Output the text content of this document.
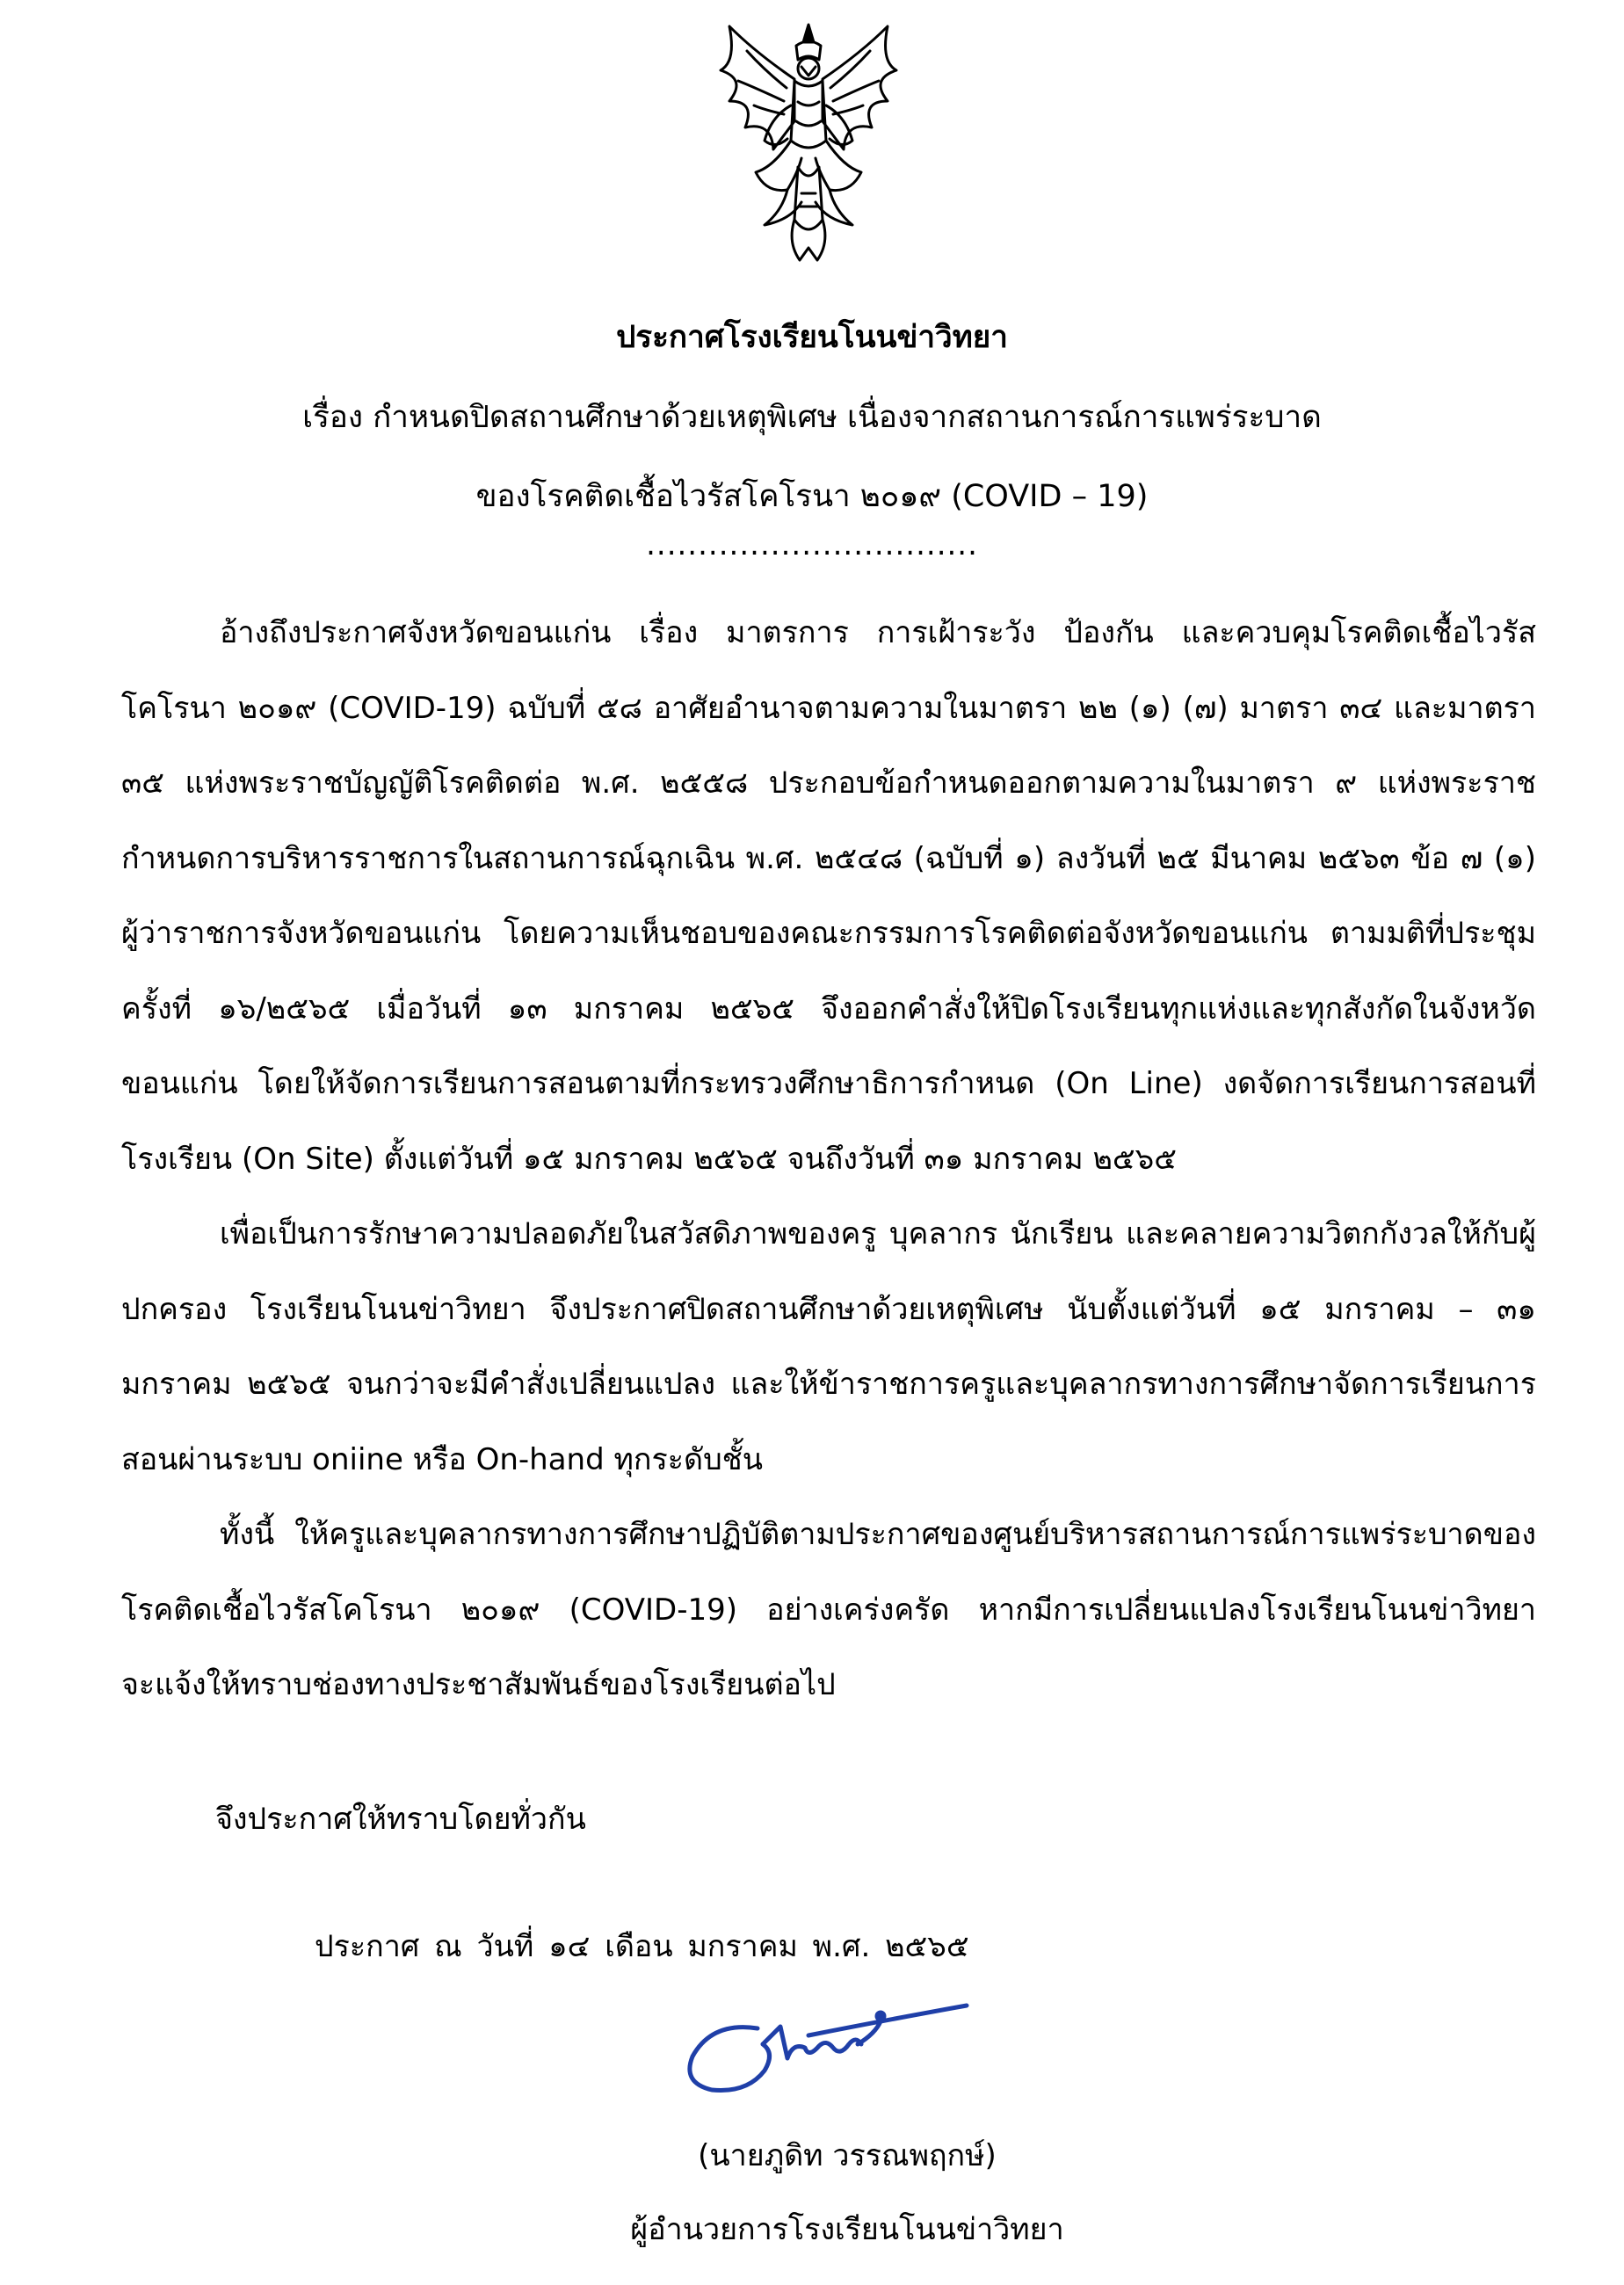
ประกาศโรงเรียนโนนข่าวิทยา
เรื่อง กำหนดปิดสถานศึกษาด้วยเหตุพิเศษ เนื่องจากสถานการณ์การแพร่ระบาด
ของโรคติดเชื้อไวรัสโคโรนา ๒๐๑๙ (COVID – 19)
................................

อ้างถึงประกาศจังหวัดขอนแก่น เรื่อง มาตรการ การเฝ้าระวัง ป้องกัน และควบคุมโรคติดเชื้อไวรัสโคโรนา ๒๐๑๙ (COVID-19) ฉบับที่ ๕๘ อาศัยอำนาจตามความในมาตรา ๒๒ (๑) (๗) มาตรา ๓๔ และมาตรา ๓๕ แห่งพระราชบัญญัติโรคติดต่อ พ.ศ. ๒๕๕๘ ประกอบข้อกำหนดออกตามความในมาตรา ๙ แห่งพระราชกำหนดการบริหารราชการในสถานการณ์ฉุกเฉิน พ.ศ. ๒๕๔๘ (ฉบับที่ ๑) ลงวันที่ ๒๕ มีนาคม ๒๕๖๓ ข้อ ๗ (๑) ผู้ว่าราชการจังหวัดขอนแก่น โดยความเห็นชอบของคณะกรรมการโรคติดต่อจังหวัดขอนแก่น ตามมติที่ประชุม ครั้งที่ ๑๖/๒๕๖๕ เมื่อวันที่ ๑๓ มกราคม ๒๕๖๕ จึงออกคำสั่งให้ปิดโรงเรียนทุกแห่งและทุกสังกัดในจังหวัดขอนแก่น โดยให้จัดการเรียนการสอนตามที่กระทรวงศึกษาธิการกำหนด (On Line) งดจัดการเรียนการสอนที่โรงเรียน (On Site) ตั้งแต่วันที่ ๑๕ มกราคม ๒๕๖๕ จนถึงวันที่ ๓๑ มกราคม ๒๕๖๕

เพื่อเป็นการรักษาความปลอดภัยในสวัสดิภาพของครู บุคลากร นักเรียน และคลายความวิตกกังวลให้กับผู้ปกครอง โรงเรียนโนนข่าวิทยา จึงประกาศปิดสถานศึกษาด้วยเหตุพิเศษ นับตั้งแต่วันที่ ๑๕ มกราคม – ๓๑ มกราคม ๒๕๖๕ จนกว่าจะมีคำสั่งเปลี่ยนแปลง และให้ข้าราชการครูและบุคลากรทางการศึกษาจัดการเรียนการสอนผ่านระบบ oniine หรือ On-hand ทุกระดับชั้น

ทั้งนี้ ให้ครูและบุคลากรทางการศึกษาปฏิบัติตามประกาศของศูนย์บริหารสถานการณ์การแพร่ระบาดของโรคติดเชื้อไวรัสโคโรนา ๒๐๑๙ (COVID-19) อย่างเคร่งครัด หากมีการเปลี่ยนแปลงโรงเรียนโนนข่าวิทยาจะแจ้งให้ทราบช่องทางประชาสัมพันธ์ของโรงเรียนต่อไป

จึงประกาศให้ทราบโดยทั่วกัน
ประกาศ ณ วันที่ ๑๔ เดือน มกราคม พ.ศ. ๒๕๖๕
(นายภูดิท วรรณพฤกษ์)
ผู้อำนวยการโรงเรียนโนนข่าวิทยา
